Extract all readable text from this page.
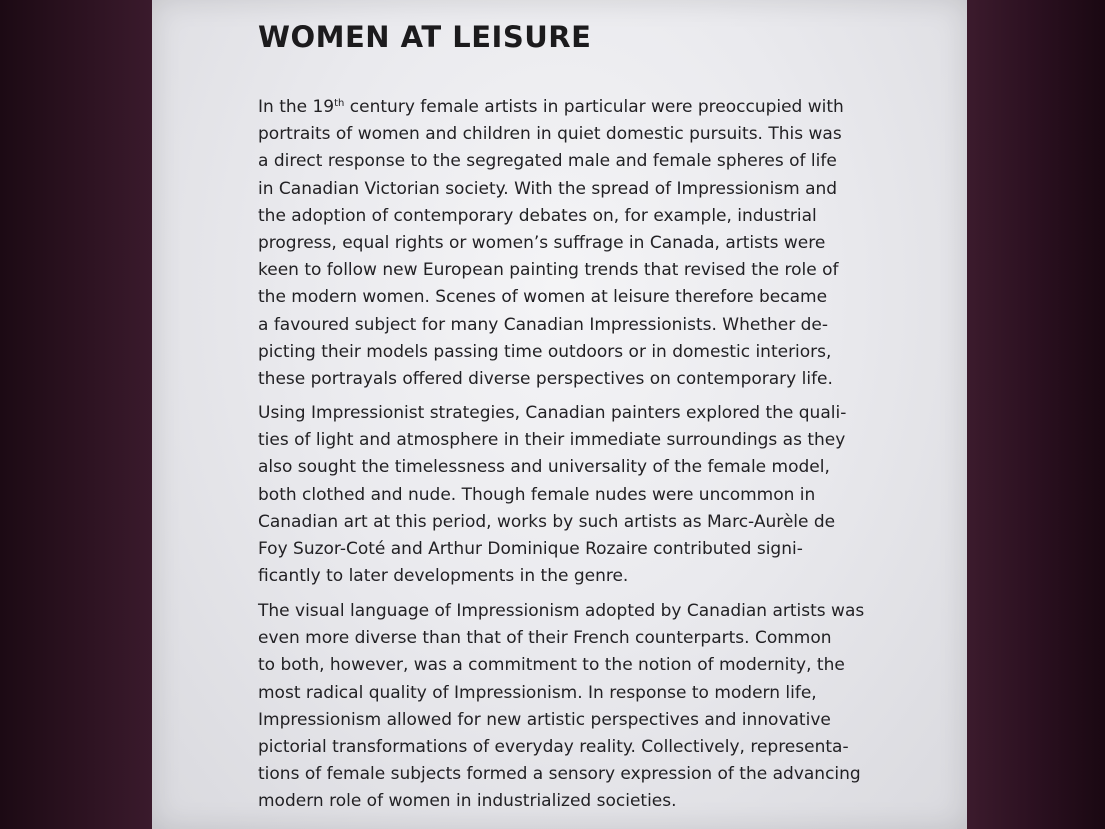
WOMEN AT LEISURE

In the 19th century female artists in particular were preoccupied with
portraits of women and children in quiet domestic pursuits. This was
a direct response to the segregated male and female spheres of life
in Canadian Victorian society. With the spread of Impressionism and
the adoption of contemporary debates on, for example, industrial
progress, equal rights or women’s suffrage in Canada, artists were
keen to follow new European painting trends that revised the role of
the modern women. Scenes of women at leisure therefore became
a favoured subject for many Canadian Impressionists. Whether de-
picting their models passing time outdoors or in domestic interiors,
these portrayals offered diverse perspectives on contemporary life.

Using Impressionist strategies, Canadian painters explored the quali-
ties of light and atmosphere in their immediate surroundings as they
also sought the timelessness and universality of the female model,
both clothed and nude. Though female nudes were uncommon in
Canadian art at this period, works by such artists as Marc-Aurèle de
Foy Suzor-Coté and Arthur Dominique Rozaire contributed signi-
ficantly to later developments in the genre.

The visual language of Impressionism adopted by Canadian artists was
even more diverse than that of their French counterparts. Common
to both, however, was a commitment to the notion of modernity, the
most radical quality of Impressionism. In response to modern life,
Impressionism allowed for new artistic perspectives and innovative
pictorial transformations of everyday reality. Collectively, representa-
tions of female subjects formed a sensory expression of the advancing
modern role of women in industrialized societies.
